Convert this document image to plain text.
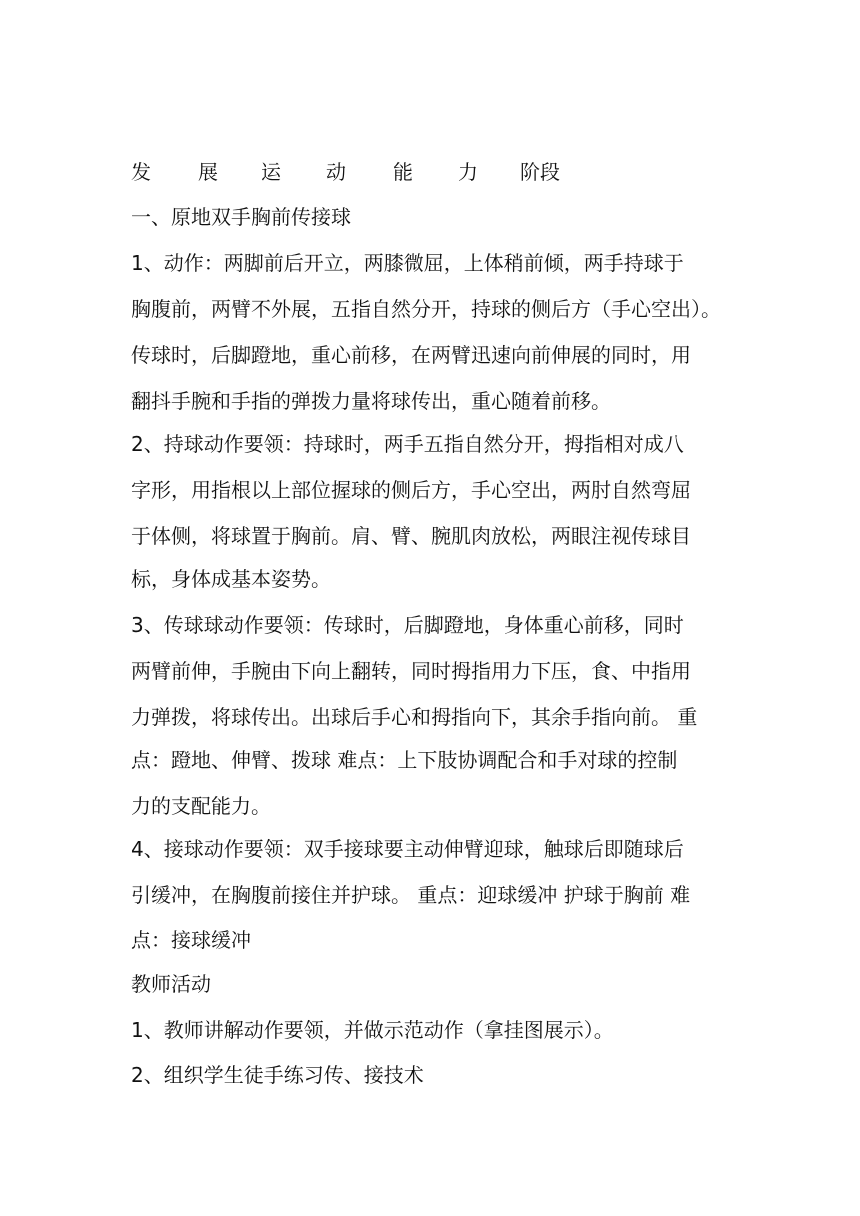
发 展 运 动 能 力 阶段
一、原地双手胸前传接球
1、动作：两脚前后开立，两膝微屈，上体稍前倾，两手持球于
胸腹前，两臂不外展，五指自然分开，持球的侧后方（手心空出）。
传球时，后脚蹬地，重心前移，在两臂迅速向前伸展的同时，用
翻抖手腕和手指的弹拨力量将球传出，重心随着前移。
2、持球动作要领：持球时，两手五指自然分开，拇指相对成八
字形，用指根以上部位握球的侧后方，手心空出，两肘自然弯屈
于体侧，将球置于胸前。肩、臂、腕肌肉放松，两眼注视传球目
标，身体成基本姿势。
3、传球球动作要领：传球时，后脚蹬地，身体重心前移，同时
两臂前伸，手腕由下向上翻转，同时拇指用力下压，食、中指用
力弹拨，将球传出。出球后手心和拇指向下，其余手指向前。 重
点：蹬地、伸臂、拨球 难点：上下肢协调配合和手对球的控制
力的支配能力。
4、接球动作要领：双手接球要主动伸臂迎球，触球后即随球后
引缓冲，在胸腹前接住并护球。 重点：迎球缓冲 护球于胸前 难
点：接球缓冲
教师活动
1、教师讲解动作要领，并做示范动作（拿挂图展示）。
2、组织学生徒手练习传、接技术
